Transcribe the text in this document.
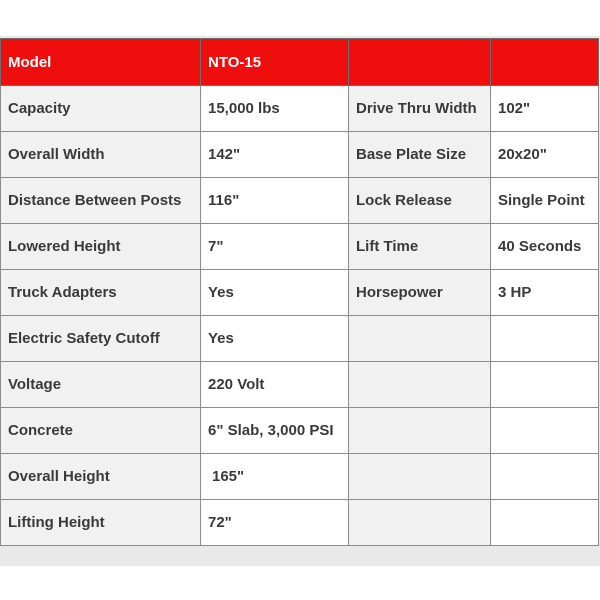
Model	NTO-15		
Capacity	15,000 lbs	Drive Thru Width	102"
Overall Width	142"	Base Plate Size	20x20"
Distance Between Posts	116"	Lock Release	Single Point
Lowered Height	7"	Lift Time	40 Seconds
Truck Adapters	Yes	Horsepower	3 HP
Electric Safety Cutoff	Yes		
Voltage	220 Volt		
Concrete	6" Slab, 3,000 PSI		
Overall Height	165"		
Lifting Height	72"		
